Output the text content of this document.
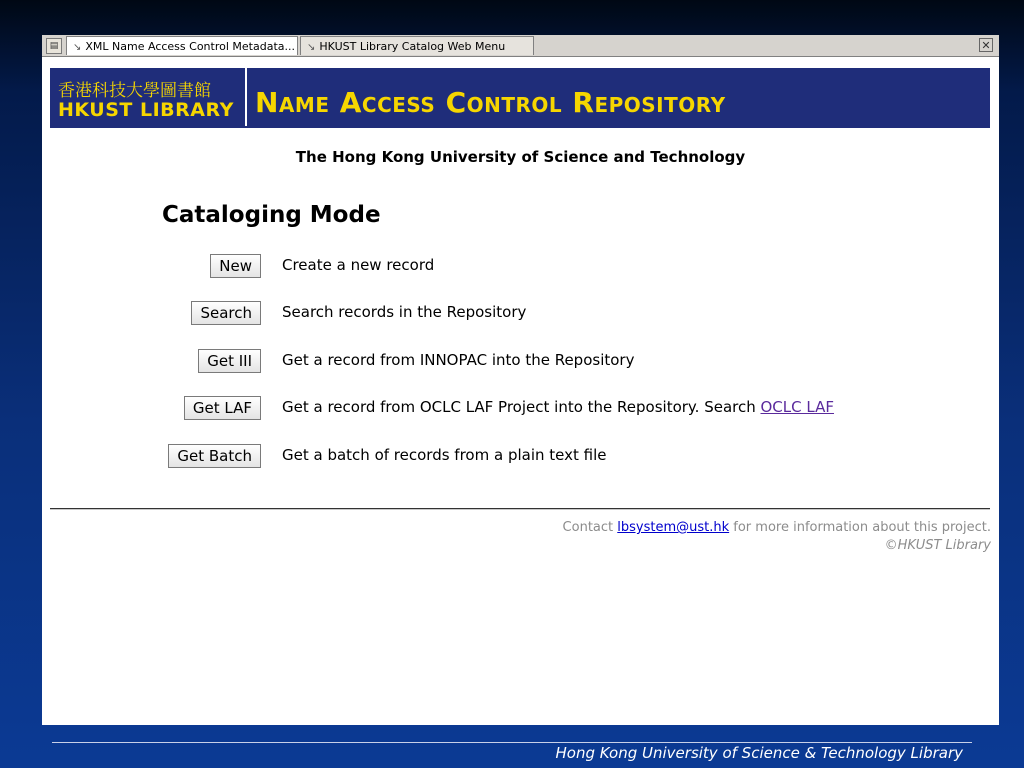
▤	↘ XML Name Access Control Metadata...	↘ HKUST Library Catalog Web Menu	✕
香港科技大學圖書館
HKUST LIBRARY Name Access Control Repository
The Hong Kong University of Science and Technology
Cataloging Mode
New	Create a new record
Search	Search records in the Repository
Get III	Get a record from INNOPAC into the Repository
Get LAF	Get a record from OCLC LAF Project into the Repository. Search OCLC LAF
Get Batch	Get a batch of records from a plain text file
Contact lbsystem@ust.hk for more information about this project.
©HKUST Library
Hong Kong University of Science & Technology Library
